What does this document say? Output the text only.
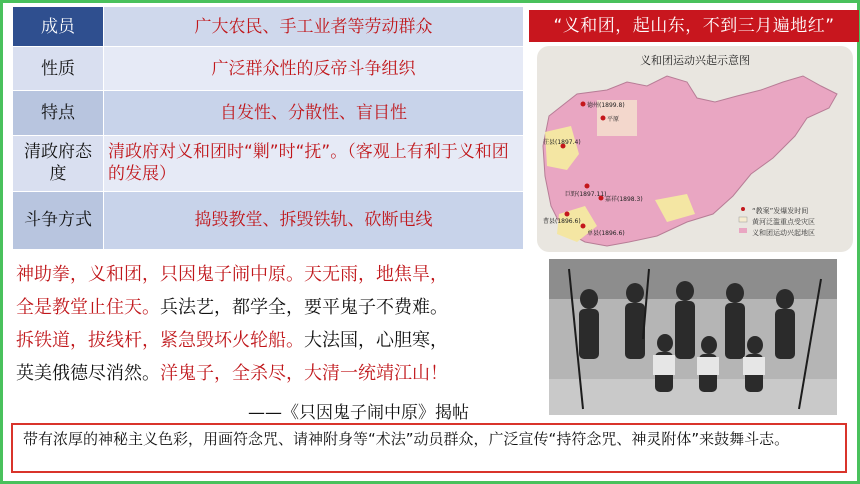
成员	广大农民、手工业者等劳动群众
性质	广泛群众性的反帝斗争组织
特点	自发性、分散性、盲目性
清政府态度	清政府对义和团时“剿”时“抚”。（客观上有利于义和团的发展）
斗争方式	捣毁教堂、拆毁铁轨、砍断电线
“义和团，起山东，不到三月遍地红”
义和团运动兴起示意图
德州(1899.8)
平原
茌县(1897.4)
巨野(1897.11)
嘉祥(1898.3)
曹县(1896.6)
单县(1896.6)
“教案”发爆发时间
黄河泛滥重点受灾区
义和团运动兴起地区
神助拳，义和团，只因鬼子闹中原。天无雨，地焦旱，
全是教堂止住天。兵法艺，都学全，要平鬼子不费难。
拆铁道，拔线杆，紧急毁坏火轮船。大法国，心胆寒，
英美俄德尽消然。洋鬼子，全杀尽，大清一统靖江山！
——《只因鬼子闹中原》揭帖
带有浓厚的神秘主义色彩，用画符念咒、请神附身等“术法”动员群众，广泛宣传“持符念咒、神灵附体”来鼓舞斗志。
